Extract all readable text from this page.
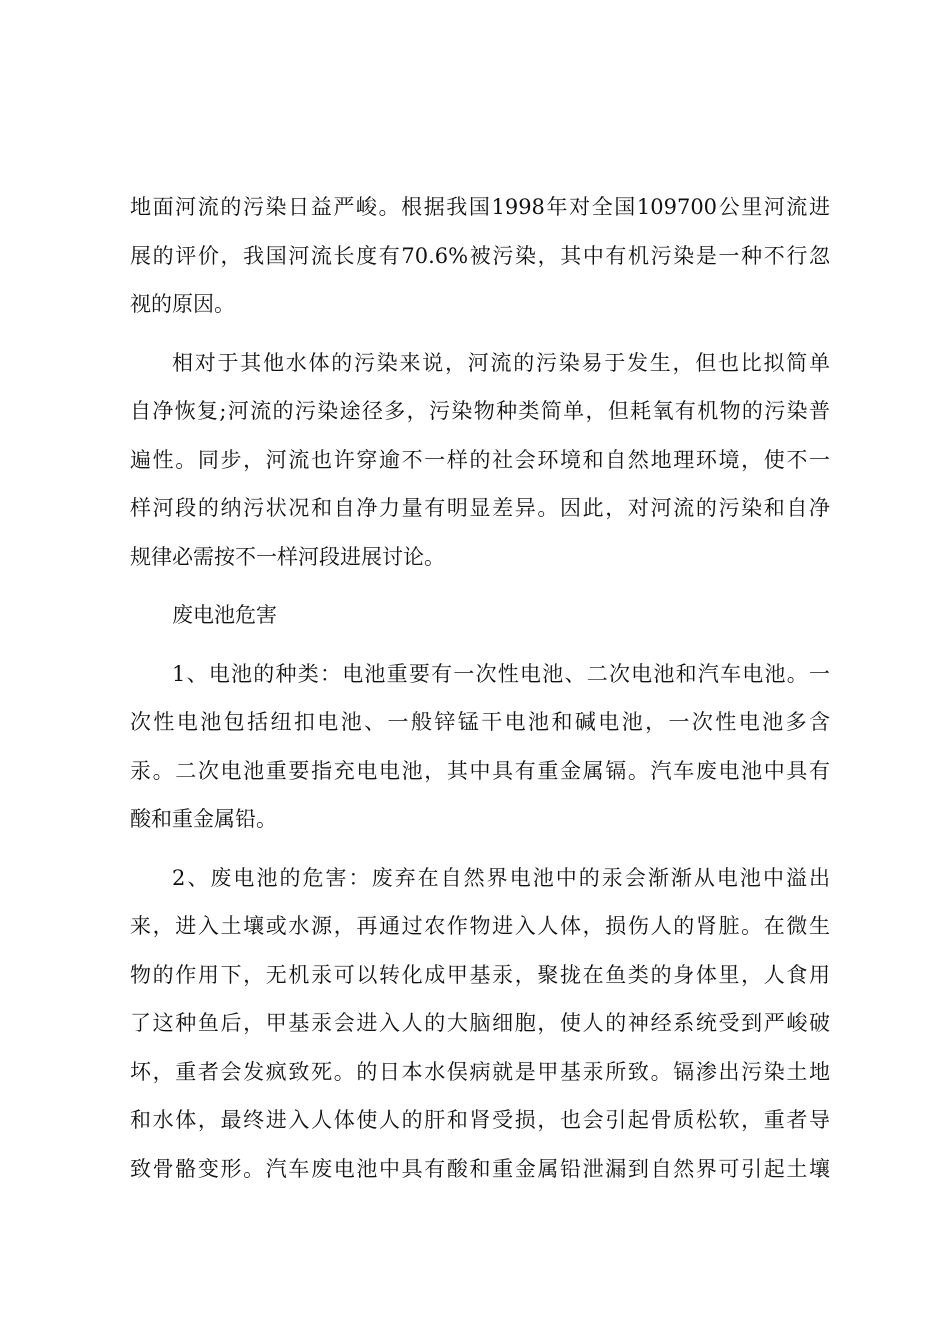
地面河流的污染日益严峻。根据我国1998年对全国109700公里河流进
展的评价，我国河流长度有70.6%被污染，其中有机污染是一种不行忽
视的原因。
相对于其他水体的污染来说，河流的污染易于发生，但也比拟简单
自净恢复;河流的污染途径多，污染物种类简单，但耗氧有机物的污染普
遍性。同步，河流也许穿逾不一样的社会环境和自然地理环境，使不一
样河段的纳污状况和自净力量有明显差异。因此，对河流的污染和自净
规律必需按不一样河段进展讨论。
废电池危害
1、电池的种类：电池重要有一次性电池、二次电池和汽车电池。一
次性电池包括纽扣电池、一般锌锰干电池和碱电池，一次性电池多含
汞。二次电池重要指充电电池，其中具有重金属镉。汽车废电池中具有
酸和重金属铅。
2、废电池的危害：废弃在自然界电池中的汞会渐渐从电池中溢出
来，进入土壤或水源，再通过农作物进入人体，损伤人的肾脏。在微生
物的作用下，无机汞可以转化成甲基汞，聚拢在鱼类的身体里，人食用
了这种鱼后，甲基汞会进入人的大脑细胞，使人的神经系统受到严峻破
坏，重者会发疯致死。的日本水俣病就是甲基汞所致。镉渗出污染土地
和水体，最终进入人体使人的肝和肾受损，也会引起骨质松软，重者导
致骨骼变形。汽车废电池中具有酸和重金属铅泄漏到自然界可引起土壤
